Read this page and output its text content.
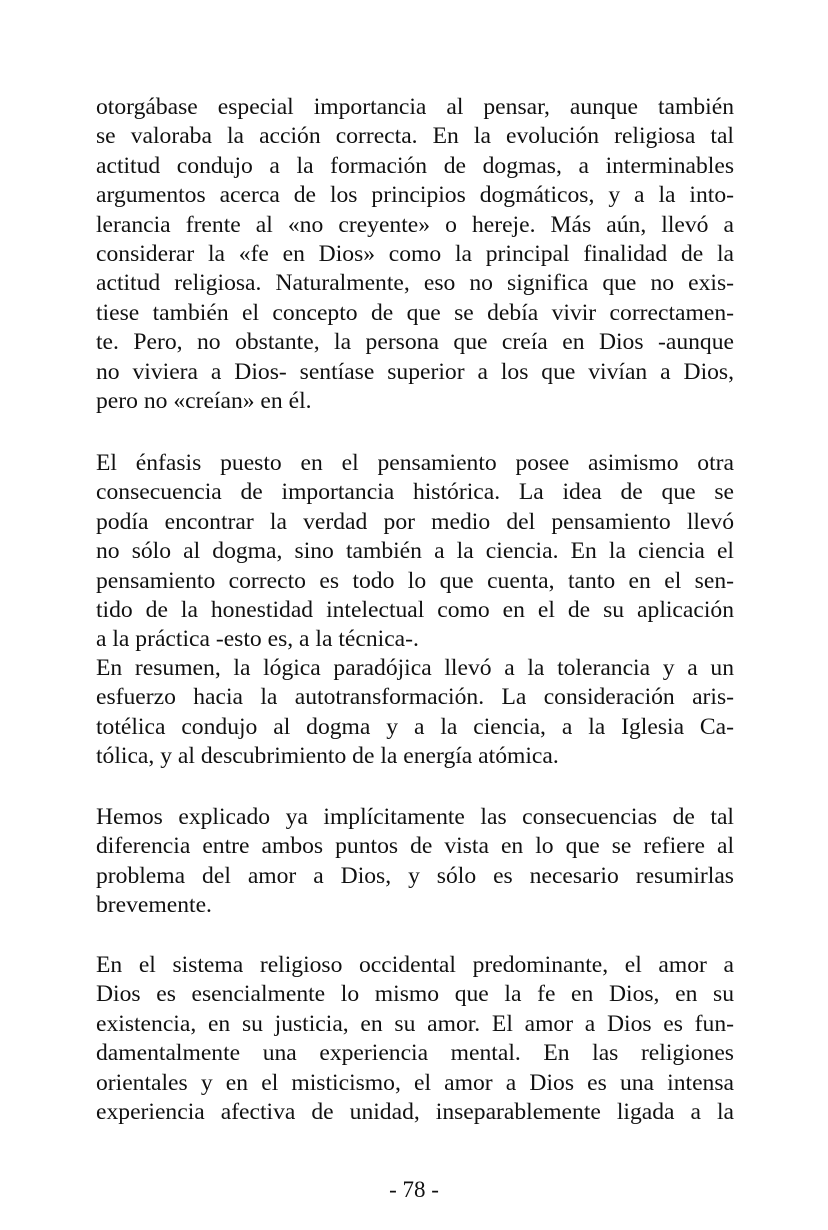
otorgábase especial importancia al pensar, aunque también
se valoraba la acción correcta. En la evolución religiosa tal
actitud condujo a la formación de dogmas, a interminables
argumentos acerca de los principios dogmáticos, y a la into-
lerancia frente al «no creyente» o hereje. Más aún, llevó a
considerar la «fe en Dios» como la principal finalidad de la
actitud religiosa. Naturalmente, eso no significa que no exis-
tiese también el concepto de que se debía vivir correctamen-
te. Pero, no obstante, la persona que creía en Dios -aunque
no viviera a Dios- sentíase superior a los que vivían a Dios,
pero no «creían» en él.
El énfasis puesto en el pensamiento posee asimismo otra
consecuencia de importancia histórica. La idea de que se
podía encontrar la verdad por medio del pensamiento llevó
no sólo al dogma, sino también a la ciencia. En la ciencia el
pensamiento correcto es todo lo que cuenta, tanto en el sen-
tido de la honestidad intelectual como en el de su aplicación
a la práctica -esto es, a la técnica-.
En resumen, la lógica paradójica llevó a la tolerancia y a un
esfuerzo hacia la autotransformación. La consideración aris-
totélica condujo al dogma y a la ciencia, a la Iglesia Ca-
tólica, y al descubrimiento de la energía atómica.
Hemos explicado ya implícitamente las consecuencias de tal
diferencia entre ambos puntos de vista en lo que se refiere al
problema del amor a Dios, y sólo es necesario resumirlas
brevemente.
En el sistema religioso occidental predominante, el amor a
Dios es esencialmente lo mismo que la fe en Dios, en su
existencia, en su justicia, en su amor. El amor a Dios es fun-
damentalmente una experiencia mental. En las religiones
orientales y en el misticismo, el amor a Dios es una intensa
experiencia afectiva de unidad, inseparablemente ligada a la
- 78 -
